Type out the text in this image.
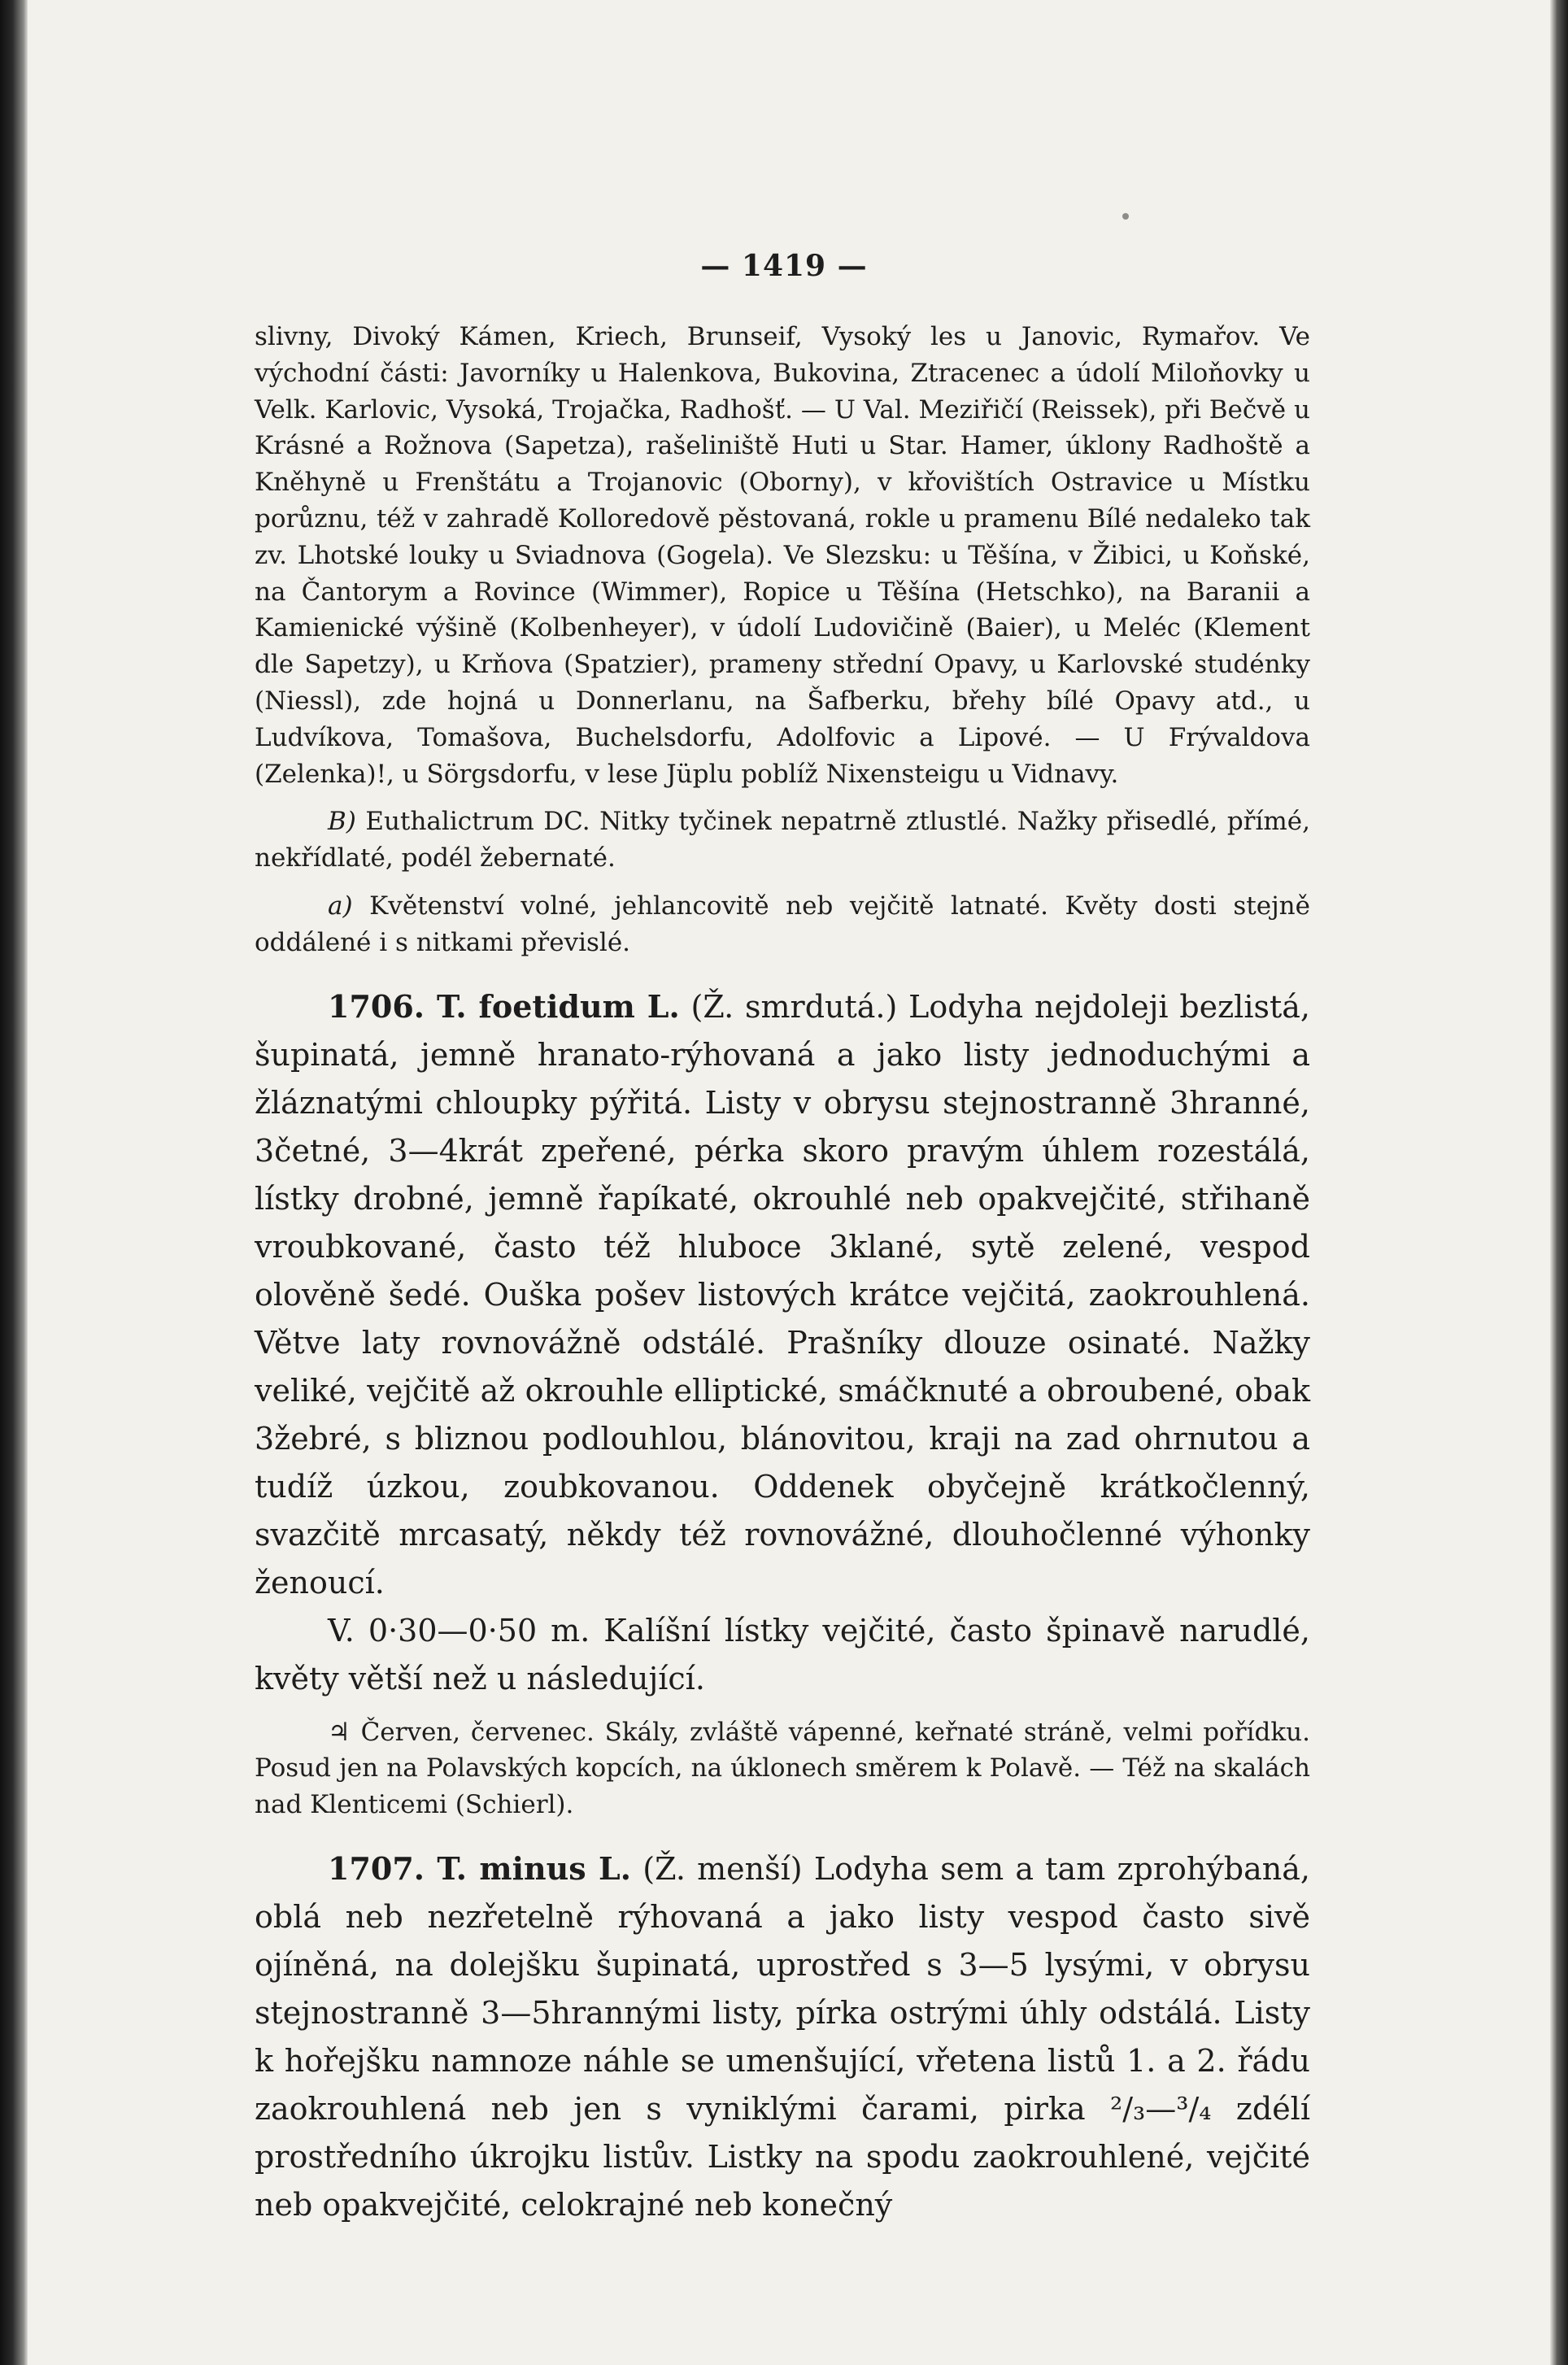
— 1419 —

slivny, Divoký Kámen, Kriech, Brunseif, Vysoký les u Janovic, Rymařov. Ve východní části: Javorníky u Halenkova, Bukovina, Ztracenec a údolí Miloňovky u Velk. Karlovic, Vysoká, Trojačka, Radhošť. — U Val. Meziřičí (Reissek), při Bečvě u Krásné a Rožnova (Sapetza), rašeliniště Huti u Star. Hamer, úklony Radhoště a Kněhyně u Frenštátu a Trojanovic (Oborny), v křovištích Ostravice u Místku porůznu, též v zahradě Kolloredově pěstovaná, rokle u pramenu Bílé nedaleko tak zv. Lhotské louky u Sviadnova (Gogela). Ve Slezsku: u Těšína, v Žibici, u Koňské, na Čantorym a Rovince (Wimmer), Ropice u Těšína (Hetschko), na Baranii a Kamienické výšině (Kolbenheyer), v údolí Ludovičině (Baier), u Meléc (Klement dle Sapetzy), u Krňova (Spatzier), prameny střední Opavy, u Karlovské studénky (Niessl), zde hojná u Donnerlanu, na Šafberku, břehy bílé Opavy atd., u Ludvíkova, Tomašova, Buchelsdorfu, Adolfovic a Lipové. — U Frývaldova (Zelenka)!, u Sörgsdorfu, v lese Jüplu poblíž Nixensteigu u Vidnavy.

B) Euthalictrum DC. Nitky tyčinek nepatrně ztlustlé. Nažky přisedlé, přímé, nekřídlaté, podél žebernaté.

a) Květenství volné, jehlancovitě neb vejčitě latnaté. Květy dosti stejně oddálené i s nitkami převislé.

1706. T. foetidum L. (Ž. smrdutá.) Lodyha nejdoleji bezlistá, šupinatá, jemně hranato-rýhovaná a jako listy jednoduchými a žláznatými chloupky pýřitá. Listy v obrysu stejnostranně 3hranné, 3četné, 3—4krát zpeřené, pérka skoro pravým úhlem rozestálá, lístky drobné, jemně řapíkaté, okrouhlé neb opakvejčité, střihaně vroubkované, často též hluboce 3klané, sytě zelené, vespod olověně šedé. Ouška pošev listových krátce vejčitá, zaokrouhlená. Větve laty rovnovážně odstálé. Prašníky dlouze osinaté. Nažky veliké, vejčitě až okrouhle elliptické, smáčknuté a obroubené, obak 3žebré, s bliznou podlouhlou, blánovitou, kraji na zad ohrnutou a tudíž úzkou, zoubkovanou. Oddenek obyčejně krátkočlenný, svazčitě mrcasatý, někdy též rovnovážné, dlouhočlenné výhonky ženoucí.

V. 0·30—0·50 m. Kalíšní lístky vejčité, často špinavě narudlé, květy větší než u následující.

♃ Červen, červenec. Skály, zvláště vápenné, keřnaté stráně, velmi pořídku. Posud jen na Polavských kopcích, na úklonech směrem k Polavě. — Též na skalách nad Klenticemi (Schierl).

1707. T. minus L. (Ž. menší) Lodyha sem a tam zprohýbaná, oblá neb nezřetelně rýhovaná a jako listy vespod často sivě ojíněná, na dolejšku šupinatá, uprostřed s 3—5 lysými, v obrysu stejnostranně 3—5hrannými listy, pírka ostrými úhly odstálá. Listy k hořejšku namnoze náhle se umenšující, vřetena listů 1. a 2. řádu zaokrouhlená neb jen s vyniklými čarami, pirka ²/₃—³/₄ zdélí prostředního úkrojku listův. Listky na spodu zaokrouhlené, vejčité neb opakvejčité, celokrajné neb konečný
